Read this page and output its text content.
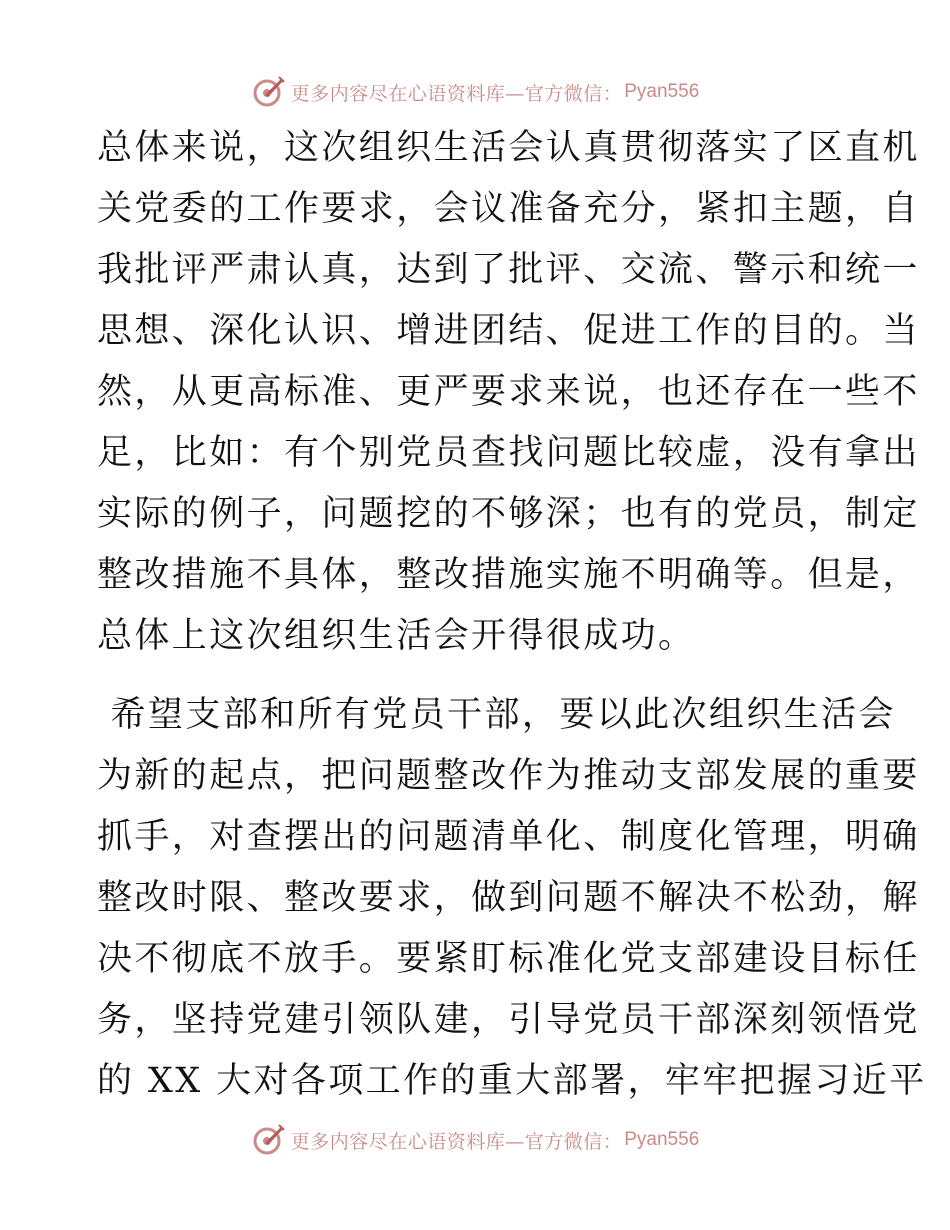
更多内容尽在心语资料库—官方微信： Pyan556
总体来说，这次组织生活会认真贯彻落实了区直机
关党委的工作要求，会议准备充分，紧扣主题，自
我批评严肃认真，达到了批评、交流、警示和统一
思想、深化认识、增进团结、促进工作的目的。当
然，从更高标准、更严要求来说，也还存在一些不
足，比如：有个别党员查找问题比较虚，没有拿出
实际的例子，问题挖的不够深；也有的党员，制定
整改措施不具体，整改措施实施不明确等。但是，
总体上这次组织生活会开得很成功。
希望支部和所有党员干部，要以此次组织生活会
为新的起点，把问题整改作为推动支部发展的重要
抓手，对查摆出的问题清单化、制度化管理，明确
整改时限、整改要求，做到问题不解决不松劲，解
决不彻底不放手。要紧盯标准化党支部建设目标任
务，坚持党建引领队建，引导党员干部深刻领悟党
的 XX 大对各项工作的重大部署，牢牢把握习近平
更多内容尽在心语资料库—官方微信： Pyan556
